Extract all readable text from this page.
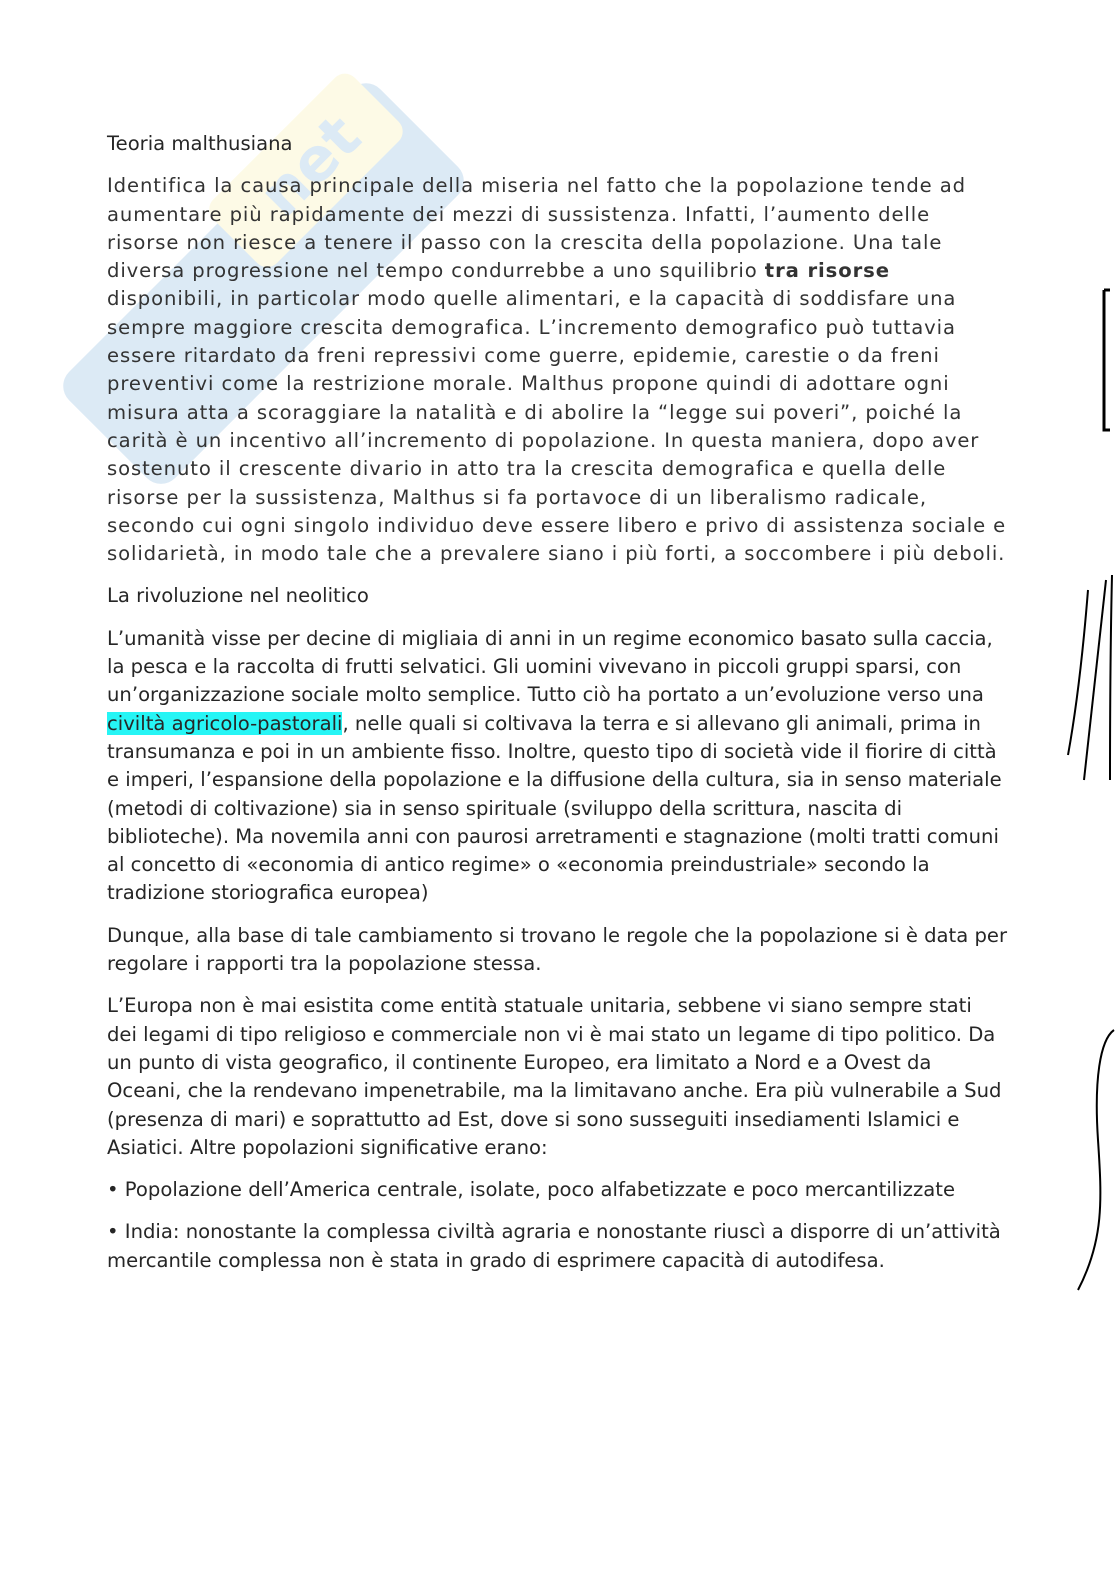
net

Teoria malthusiana

Identifica la causa principale della miseria nel fatto che la popolazione tende ad aumentare più rapidamente dei mezzi di sussistenza. Infatti, l’aumento delle risorse non riesce a tenere il passo con la crescita della popolazione. Una tale diversa progressione nel tempo condurrebbe a uno squilibrio tra risorse disponibili, in particolar modo quelle alimentari, e la capacità di soddisfare una sempre maggiore crescita demografica. L’incremento demografico può tuttavia essere ritardato da freni repressivi come guerre, epidemie, carestie o da freni preventivi come la restrizione morale. Malthus propone quindi di adottare ogni misura atta a scoraggiare la natalità e di abolire la “legge sui poveri”, poiché la carità è un incentivo all’incremento di popolazione. In questa maniera, dopo aver sostenuto il crescente divario in atto tra la crescita demografica e quella delle risorse per la sussistenza, Malthus si fa portavoce di un liberalismo radicale, secondo cui ogni singolo individuo deve essere libero e privo di assistenza sociale e solidarietà, in modo tale che a prevalere siano i più forti, a soccombere i più deboli.

La rivoluzione nel neolitico

L’umanità visse per decine di migliaia di anni in un regime economico basato sulla caccia, la pesca e la raccolta di frutti selvatici. Gli uomini vivevano in piccoli gruppi sparsi, con un’organizzazione sociale molto semplice. Tutto ciò ha portato a un’evoluzione verso una civiltà agricolo-pastorali, nelle quali si coltivava la terra e si allevano gli animali, prima in transumanza e poi in un ambiente fisso. Inoltre, questo tipo di società vide il fiorire di città e imperi, l’espansione della popolazione e la diffusione della cultura, sia in senso materiale (metodi di coltivazione) sia in senso spirituale (sviluppo della scrittura, nascita di biblioteche). Ma novemila anni con paurosi arretramenti e stagnazione (molti tratti comuni al concetto di «economia di antico regime» o «economia preindustriale» secondo la tradizione storiografica europea)

Dunque, alla base di tale cambiamento si trovano le regole che la popolazione si è data per regolare i rapporti tra la popolazione stessa.

L’Europa non è mai esistita come entità statuale unitaria, sebbene vi siano sempre stati dei legami di tipo religioso e commerciale non vi è mai stato un legame di tipo politico. Da un punto di vista geografico, il continente Europeo, era limitato a Nord e a Ovest da Oceani, che la rendevano impenetrabile, ma la limitavano anche. Era più vulnerabile a Sud (presenza di mari) e soprattutto ad Est, dove si sono susseguiti insediamenti Islamici e Asiatici. Altre popolazioni significative erano:

• Popolazione dell’America centrale, isolate, poco alfabetizzate e poco mercantilizzate

• India: nonostante la complessa civiltà agraria e nonostante riuscì a disporre di un’attività mercantile complessa non è stata in grado di esprimere capacità di autodifesa.
